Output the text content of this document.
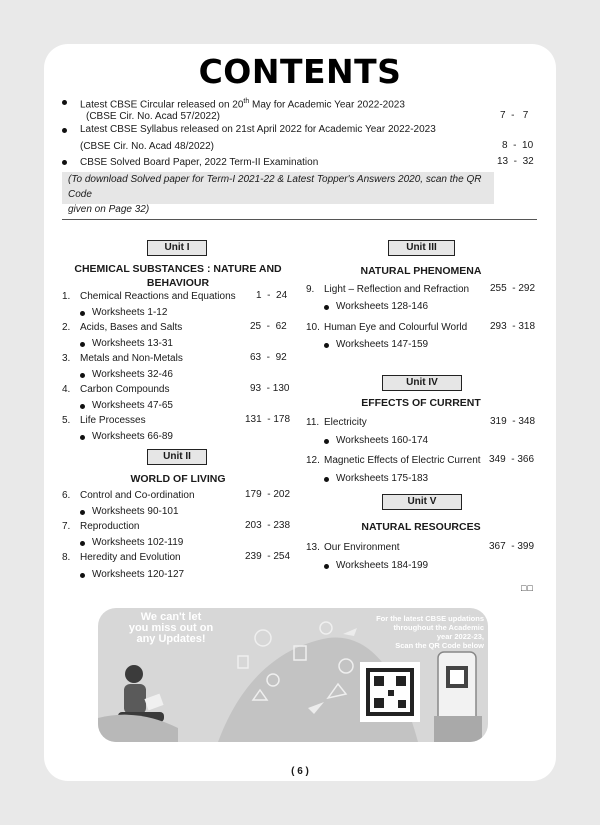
CONTENTS
Latest CBSE Circular released on 20th May for Academic Year 2022-2023
(CBSE Cir. No. Acad 57/2022)	7  -   7
Latest CBSE Syllabus released on 21st April 2022 for Academic Year 2022-2023
(CBSE Cir. No. Acad 48/2022)	8  -  10
CBSE Solved Board Paper, 2022 Term-II Examination	13  -  32
(To download Solved paper for Term-I 2021-22 & Latest Topper's Answers 2020, scan the QR Code
given on Page 32)
Unit I
CHEMICAL SUBSTANCES : NATURE AND
BEHAVIOUR
1. Chemical Reactions and Equations 1  -  24
Worksheets 1-12
2. Acids, Bases and Salts	25  -  62
Worksheets 13-31
3. Metals and Non-Metals	63  -  92
Worksheets 32-46
4. Carbon Compounds	93  - 130
Worksheets 47-65
5. Life Processes	131  - 178
Worksheets 66-89
Unit II
WORLD OF LIVING
6. Control and Co-ordination	179  - 202
Worksheets 90-101
7. Reproduction	203  - 238
Worksheets 102-119
8. Heredity and Evolution	239  - 254
Worksheets 120-127
Unit III
NATURAL PHENOMENA
9. Light – Reflection and Refraction 255  - 292
Worksheets 128-146
10. Human Eye and Colourful World 293  - 318
Worksheets 147-159
Unit IV
EFFECTS OF CURRENT
11. Electricity	319  - 348
Worksheets 160-174
12. Magnetic Effects of Electric Current 349  - 366
Worksheets 175-183
Unit V
NATURAL RESOURCES
13. Our Environment	367  - 399
Worksheets 184-199
□□
We can't let
you miss out on
any Updates!
For the latest CBSE updations
throughout the Academic
year 2022-23,
Scan the QR Code below
( 6 )
